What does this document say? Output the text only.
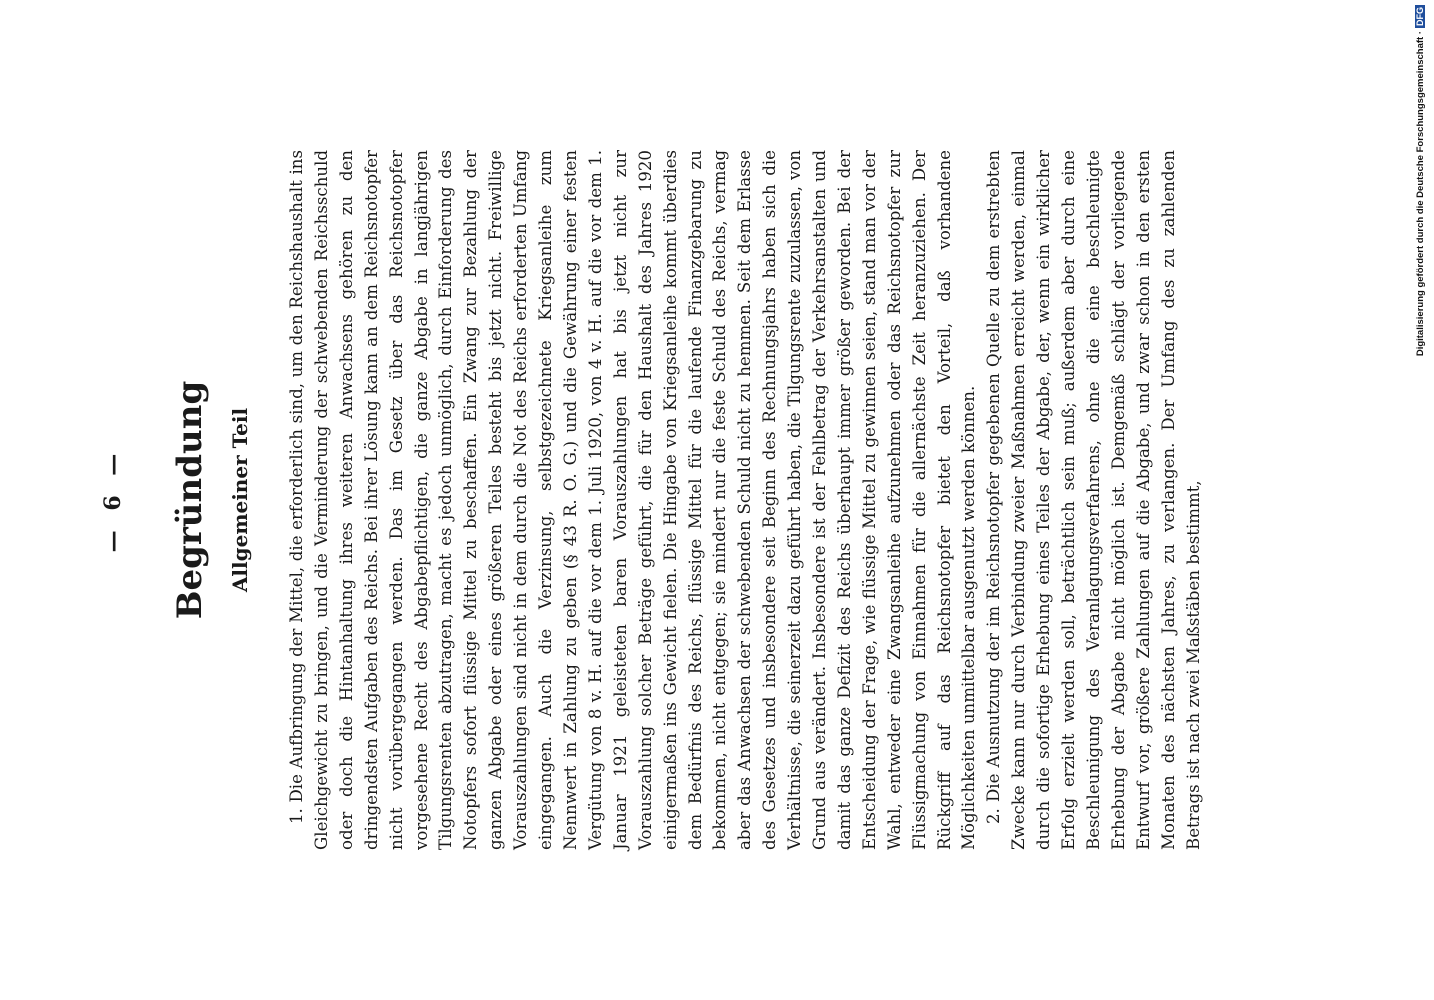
— 6 —	Begründung Allgemeiner Teil 1. Die Aufbringung der Mittel, die erforderlich sind, um den Reichshaushalt ins Gleichgewicht zu bringen, und die Verminderung der schwebenden Reichsschuld oder doch die Hintanhaltung ihres weiteren Anwachsens gehören zu den dringendsten Aufgaben des Reichs. Bei ihrer Lösung kann an dem Reichsnotopfer nicht vorübergegangen werden. Das im Gesetz über das Reichsnotopfer vorgesehene Recht des Abgabepflichtigen, die ganze Abgabe in langjährigen Tilgungsrenten abzutragen, macht es jedoch unmöglich, durch Einforderung des Notopfers sofort flüssige Mittel zu beschaffen. Ein Zwang zur Bezahlung der ganzen Abgabe oder eines größeren Teiles besteht bis jetzt nicht. Freiwillige Vorauszahlungen sind nicht in dem durch die Not des Reichs erforderten Umfang eingegangen. Auch die Verzinsung, selbstgezeichnete Kriegsanleihe zum Nennwert in Zahlung zu geben (§ 43 R. O. G.) und die Gewährung einer festen Vergütung von 8 v. H. auf die vor dem 1. Juli 1920, von 4 v. H. auf die vor dem 1. Januar 1921 geleisteten baren Vorauszahlungen hat bis jetzt nicht zur Vorauszahlung solcher Beträge geführt, die für den Haushalt des Jahres 1920 einigermaßen ins Gewicht fielen. Die Hingabe von Kriegsanleihe kommt überdies dem Bedürfnis des Reichs, flüssige Mittel für die laufende Finanzgebarung zu bekommen, nicht entgegen; sie mindert nur die feste Schuld des Reichs, vermag aber das Anwachsen der schwebenden Schuld nicht zu hemmen. Seit dem Erlasse des Gesetzes und insbesondere seit Beginn des Rechnungsjahrs haben sich die Verhältnisse, die seinerzeit dazu geführt haben, die Tilgungsrente zuzulassen, von Grund aus verändert. Insbesondere ist der Fehlbetrag der Verkehrsanstalten und damit das ganze Defizit des Reichs überhaupt immer größer geworden. Bei der Entscheidung der Frage, wie flüssige Mittel zu gewinnen seien, stand man vor der Wahl, entweder eine Zwangsanleihe aufzunehmen oder das Reichsnotopfer zur Flüssigmachung von Einnahmen für die allernächste Zeit heranzuziehen. Der Rückgriff auf das Reichsnotopfer bietet den Vorteil, daß vorhandene Möglichkeiten unmittelbar ausgenutzt werden können. 2. Die Ausnutzung der im Reichsnotopfer gegebenen Quelle zu dem erstrebten Zwecke kann nur durch Verbindung zweier Maßnahmen erreicht werden, einmal durch die sofortige Erhebung eines Teiles der Abgabe, der, wenn ein wirklicher Erfolg erzielt werden soll, beträchtlich sein muß; außerdem aber durch eine Beschleunigung des Veranlagungsverfahrens, ohne die eine beschleunigte Erhebung der Abgabe nicht möglich ist. Demgemäß schlägt der vorliegende Entwurf vor, größere Zahlungen auf die Abgabe, und zwar schon in den ersten Monaten des nächsten Jahres, zu verlangen. Der Umfang des zu zahlenden Betrags ist nach zwei Maßstäben bestimmt,

Digitalisierung gefördert durch die Deutsche Forschungsgemeinschaft ·DFG
